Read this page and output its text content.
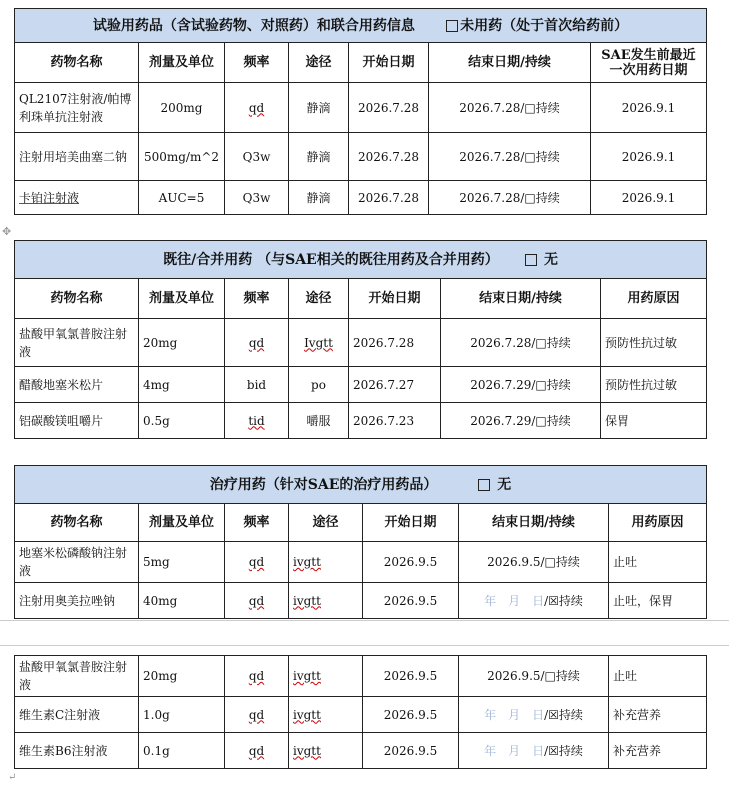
试验用药品（含试验药物、对照药）和联合用药信息 未用药（处于首次给药前）						
药物名称	剂量及单位	频率	途径	开始日期	结束日期/持续	SAE发生前最近一次用药日期
QL2107注射液/帕博利珠单抗注射液	200mg	qd	静滴	2026.7.28	2026.7.28/□持续	2026.9.1
注射用培美曲塞二钠	500mg/m^2	Q3w	静滴	2026.7.28	2026.7.28/□持续	2026.9.1
卡铂注射液	AUC=5	Q3w	静滴	2026.7.28	2026.7.28/□持续	2026.9.1
✥
既往/合并用药 （与SAE相关的既往用药及合并用药） 无						
药物名称	剂量及单位	频率	途径	开始日期	结束日期/持续	用药原因
盐酸甲氧氯普胺注射液	20mg	qd	Ivgtt	2026.7.28	2026.7.28/□持续	预防性抗过敏
醋酸地塞米松片	4mg	bid	po	2026.7.27	2026.7.29/□持续	预防性抗过敏
铝碳酸镁咀嚼片	0.5g	tid	嚼服	2026.7.23	2026.7.29/□持续	保胃
治疗用药（针对SAE的治疗用药品） 无						
药物名称	剂量及单位	频率	途径	开始日期	结束日期/持续	用药原因
地塞米松磷酸钠注射液	5mg	qd	ivgtt	2026.9.5	2026.9.5/□持续	止吐
注射用奥美拉唑钠	40mg	qd	ivgtt	2026.9.5	年　月　日/☒持续	止吐，保胃
盐酸甲氧氯普胺注射液	20mg	qd	ivgtt	2026.9.5	2026.9.5/□持续	止吐
维生素C注射液	1.0g	qd	ivgtt	2026.9.5	年　月　日/☒持续	补充营养
维生素B6注射液	0.1g	qd	ivgtt	2026.9.5	年　月　日/☒持续	补充营养
↵
